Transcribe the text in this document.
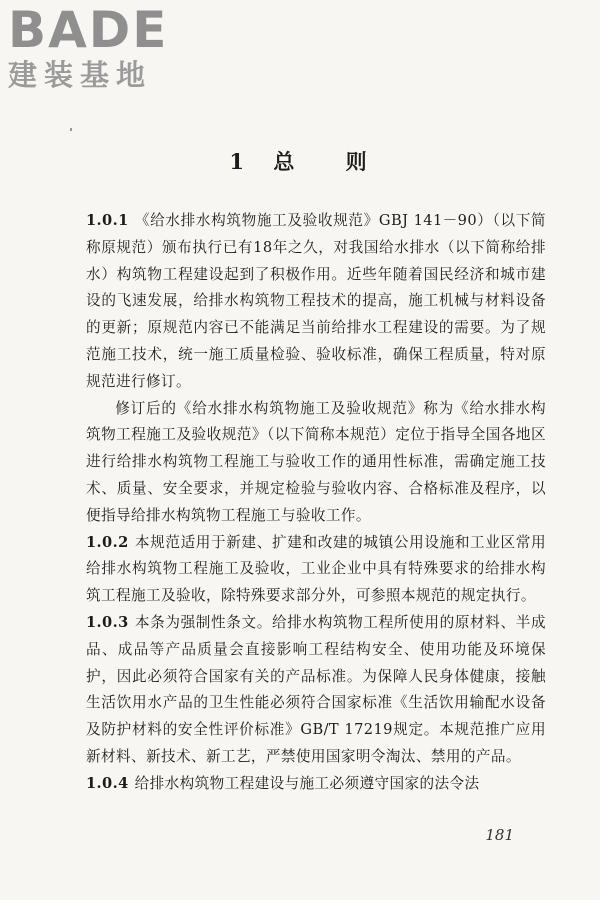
BADE
建装基地
1 总 则

1.0.1 《给水排水构筑物施工及验收规范》GBJ 141－90）（以下简称原规范）颁布执行已有18年之久，对我国给水排水（以下简称给排水）构筑物工程建设起到了积极作用。近些年随着国民经济和城市建设的飞速发展，给排水构筑物工程技术的提高，施工机械与材料设备的更新；原规范内容已不能满足当前给排水工程建设的需要。为了规范施工技术，统一施工质量检验、验收标准，确保工程质量，特对原规范进行修订。

修订后的《给水排水构筑物施工及验收规范》称为《给水排水构筑物工程施工及验收规范》（以下简称本规范）定位于指导全国各地区进行给排水构筑物工程施工与验收工作的通用性标准，需确定施工技术、质量、安全要求，并规定检验与验收内容、合格标准及程序，以便指导给排水构筑物工程施工与验收工作。

1.0.2 本规范适用于新建、扩建和改建的城镇公用设施和工业区常用给排水构筑物工程施工及验收，工业企业中具有特殊要求的给排水构筑工程施工及验收，除特殊要求部分外，可参照本规范的规定执行。

1.0.3 本条为强制性条文。给排水构筑物工程所使用的原材料、半成品、成品等产品质量会直接影响工程结构安全、使用功能及环境保护，因此必须符合国家有关的产品标准。为保障人民身体健康，接触生活饮用水产品的卫生性能必须符合国家标准《生活饮用输配水设备及防护材料的安全性评价标准》GB/T 17219规定。本规范推广应用新材料、新技术、新工艺，严禁使用国家明令淘汰、禁用的产品。

1.0.4 给排水构筑物工程建设与施工必须遵守国家的法令法

181
